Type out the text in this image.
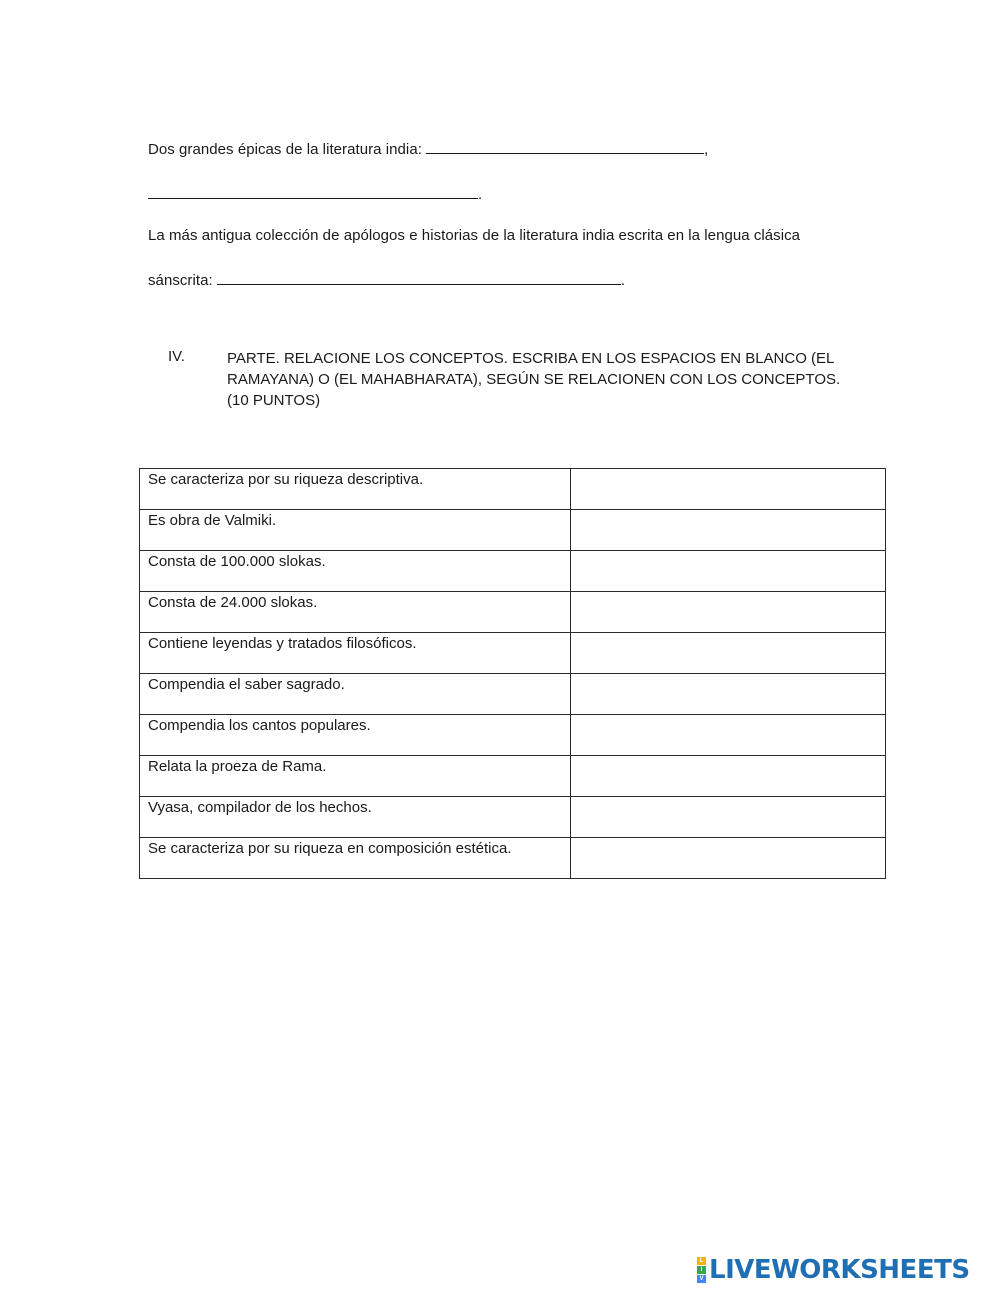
Dos grandes épicas de la literatura india:	,
.
La más antigua colección de apólogos e historias de la literatura india escrita en la lengua clásica
sánscrita:	.
IV.	PARTE. RELACIONE LOS CONCEPTOS. ESCRIBA EN LOS ESPACIOS EN BLANCO (EL RAMAYANA) O (EL MAHABHARATA), SEGÚN SE RELACIONEN CON LOS CONCEPTOS. (10 PUNTOS)
Se caracteriza por su riqueza descriptiva.	
Es obra de Valmiki.	
Consta de 100.000 slokas.	
Consta de 24.000 slokas.	
Contiene leyendas y tratados filosóficos.	
Compendia el saber sagrado.	
Compendia los cantos populares.	
Relata la proeza de Rama.	
Vyasa, compilador de los hechos.	
Se caracteriza por su riqueza en composición estética.	
L
I
V LIVEWORKSHEETS
